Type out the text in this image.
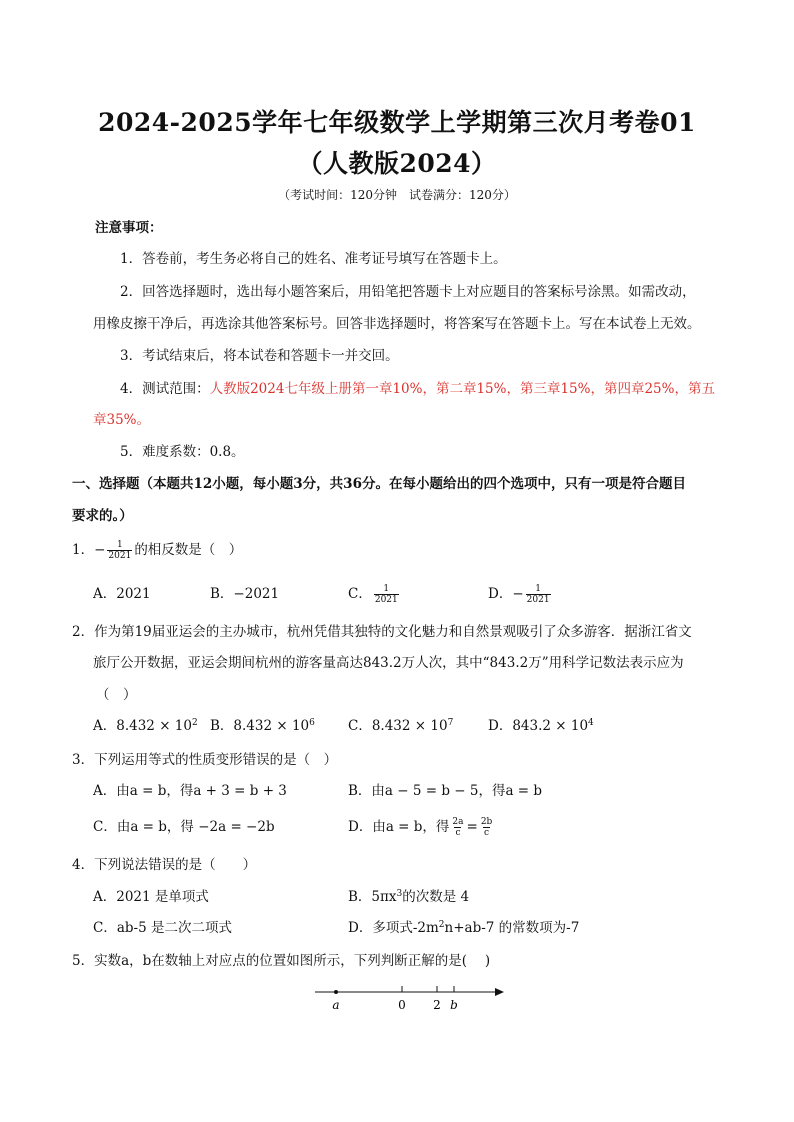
2024-2025学年七年级数学上学期第三次月考卷01
（人教版2024）
（考试时间：120分钟　试卷满分：120分）
注意事项：
1．答卷前，考生务必将自己的姓名、准考证号填写在答题卡上。
2．回答选择题时，选出每小题答案后，用铅笔把答题卡上对应题目的答案标号涂黑。如需改动，
用橡皮擦干净后，再选涂其他答案标号。回答非选择题时，将答案写在答题卡上。写在本试卷上无效。
3．考试结束后，将本试卷和答题卡一并交回。
4．测试范围：人教版2024七年级上册第一章10%，第二章15%，第三章15%，第四章25%，第五
章35%。
5．难度系数：0.8。
一、选择题（本题共12小题，每小题3分，共36分。在每小题给出的四个选项中，只有一项是符合题目
要求的。）
1．− $\frac{1}{2021}$ 的相反数是（　）
A．2021	B．−2021	C． $\frac{1}{2021}$	D．− $\frac{1}{2021}$
2．作为第19届亚运会的主办城市，杭州凭借其独特的文化魅力和自然景观吸引了众多游客．据浙江省文
旅厅公开数据，亚运会期间杭州的游客量高达843.2万人次，其中“843.2万”用科学记数法表示应为
（　）
A．$8.432 \times 10^2$ B．$8.432 \times 10^6$ C．$8.432 \times 10^7$	D．$843.2 \times 10^4$
3．下列运用等式的性质变形错误的是（　）
A．由a = b，得a + 3 = b + 3	B．由a − 5 = b − 5，得a = b
C．由a = b，得 −2a = −2b	D．由a = b，得 $\frac{2a}{c} = \frac{2b}{c}$
4．下列说法错误的是（　　）
A．2021 是单项式	B．$5\pi x^3$的次数是 4
C．ab-5 是二次二项式	D．多项式$-2m^2n+ab-7$ 的常数项为-7
5．实数a，b在数轴上对应点的位置如图所示，下列判断正解的是(　 )
a	0 2 b
